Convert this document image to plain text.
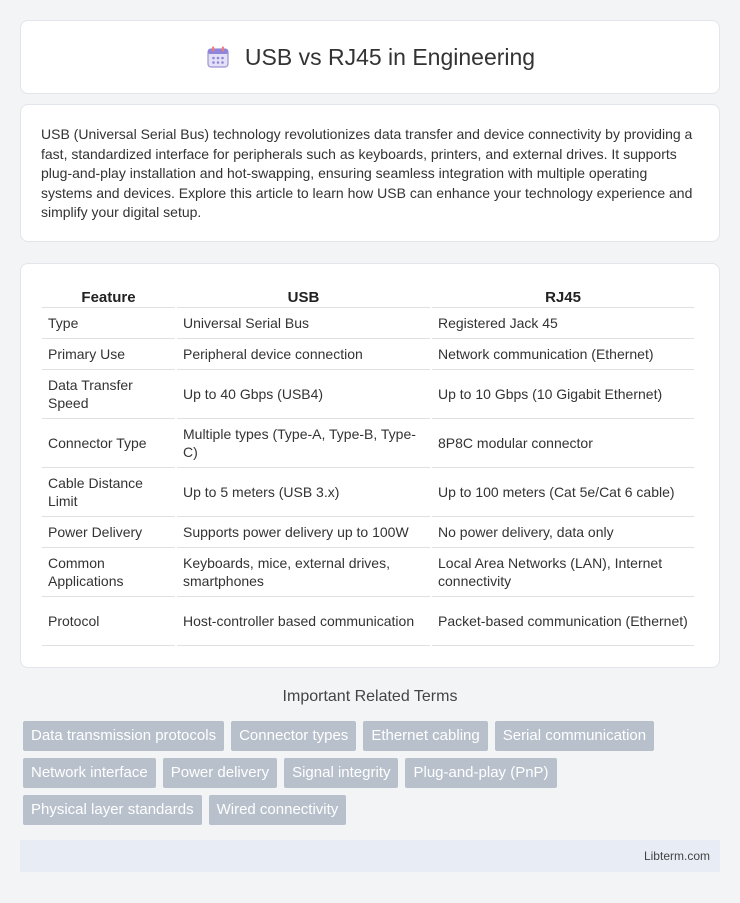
USB vs RJ45 in Engineering

USB (Universal Serial Bus) technology revolutionizes data transfer and device connectivity by providing a fast, standardized interface for peripherals such as keyboards, printers, and external drives. It supports plug-and-play installation and hot-swapping, ensuring seamless integration with multiple operating systems and devices. Explore this article to learn how USB can enhance your technology experience and simplify your digital setup.

Feature	USB	RJ45
Type	Universal Serial Bus	Registered Jack 45
Primary Use	Peripheral device connection	Network communication (Ethernet)
Data Transfer Speed	Up to 40 Gbps (USB4)	Up to 10 Gbps (10 Gigabit Ethernet)
Connector Type	Multiple types (Type-A, Type-B, Type-C)	8P8C modular connector
Cable Distance Limit	Up to 5 meters (USB 3.x)	Up to 100 meters (Cat 5e/Cat 6 cable)
Power Delivery	Supports power delivery up to 100W	No power delivery, data only
Common Applications	Keyboards, mice, external drives, smartphones	Local Area Networks (LAN), Internet connectivity
Protocol	Host-controller based communication	Packet-based communication (Ethernet)
Important Related Terms
Data transmission protocols	Connector types	Ethernet cabling	Serial communication
Network interface	Power delivery	Signal integrity	Plug-and-play (PnP)
Physical layer standards	Wired connectivity
Libterm.com
